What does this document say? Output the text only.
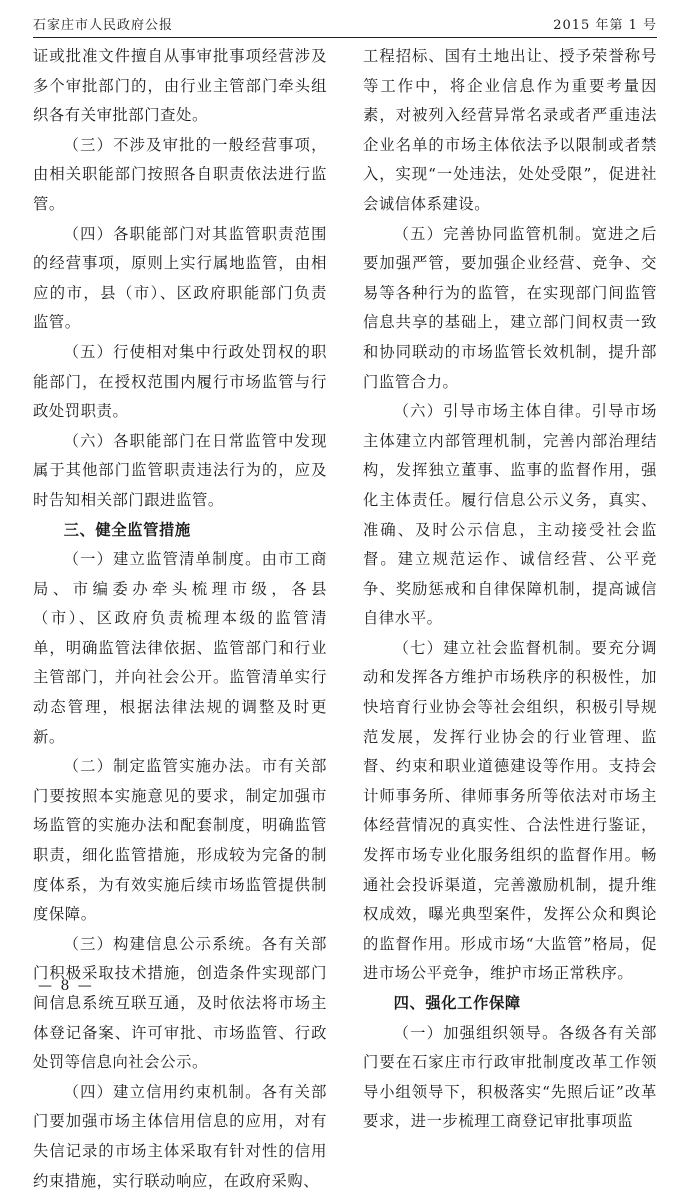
石家庄市人民政府公报	2015 年第 1 号

证或批准文件擅自从事审批事项经营涉及多个审批部门的，由行业主管部门牵头组织各有关审批部门查处。

（三）不涉及审批的一般经营事项，由相关职能部门按照各自职责依法进行监管。

（四）各职能部门对其监管职责范围的经营事项，原则上实行属地监管，由相应的市，县（市）、区政府职能部门负责监管。

（五）行使相对集中行政处罚权的职能部门，在授权范围内履行市场监管与行政处罚职责。

（六）各职能部门在日常监管中发现属于其他部门监管职责违法行为的，应及时告知相关部门跟进监管。

三、健全监管措施

（一）建立监管清单制度。由市工商局、市编委办牵头梳理市级，各县（市）、区政府负责梳理本级的监管清单，明确监管法律依据、监管部门和行业主管部门，并向社会公开。监管清单实行动态管理，根据法律法规的调整及时更新。

（二）制定监管实施办法。市有关部门要按照本实施意见的要求，制定加强市场监管的实施办法和配套制度，明确监管职责，细化监管措施，形成较为完备的制度体系，为有效实施后续市场监管提供制度保障。

（三）构建信息公示系统。各有关部门积极采取技术措施，创造条件实现部门间信息系统互联互通，及时依法将市场主体登记备案、许可审批、市场监管、行政处罚等信息向社会公示。

（四）建立信用约束机制。各有关部门要加强市场主体信用信息的应用，对有失信记录的市场主体采取有针对性的信用约束措施，实行联动响应，在政府采购、

工程招标、国有土地出让、授予荣誉称号等工作中，将企业信息作为重要考量因素，对被列入经营异常名录或者严重违法企业名单的市场主体依法予以限制或者禁入，实现“一处违法，处处受限”，促进社会诚信体系建设。

（五）完善协同监管机制。宽进之后要加强严管，要加强企业经营、竞争、交易等各种行为的监管，在实现部门间监管信息共享的基础上，建立部门间权责一致和协同联动的市场监管长效机制，提升部门监管合力。

（六）引导市场主体自律。引导市场主体建立内部管理机制，完善内部治理结构，发挥独立董事、监事的监督作用，强化主体责任。履行信息公示义务，真实、准确、及时公示信息，主动接受社会监督。建立规范运作、诚信经营、公平竞争、奖励惩戒和自律保障机制，提高诚信自律水平。

（七）建立社会监督机制。要充分调动和发挥各方维护市场秩序的积极性，加快培育行业协会等社会组织，积极引导规范发展，发挥行业协会的行业管理、监督、约束和职业道德建设等作用。支持会计师事务所、律师事务所等依法对市场主体经营情况的真实性、合法性进行鉴证，发挥市场专业化服务组织的监督作用。畅通社会投诉渠道，完善激励机制，提升维权成效，曝光典型案件，发挥公众和舆论的监督作用。形成市场“大监管”格局，促进市场公平竞争，维护市场正常秩序。

四、强化工作保障

（一）加强组织领导。各级各有关部门要在石家庄市行政审批制度改革工作领导小组领导下，积极落实“先照后证”改革要求，进一步梳理工商登记审批事项监

— 8 —
